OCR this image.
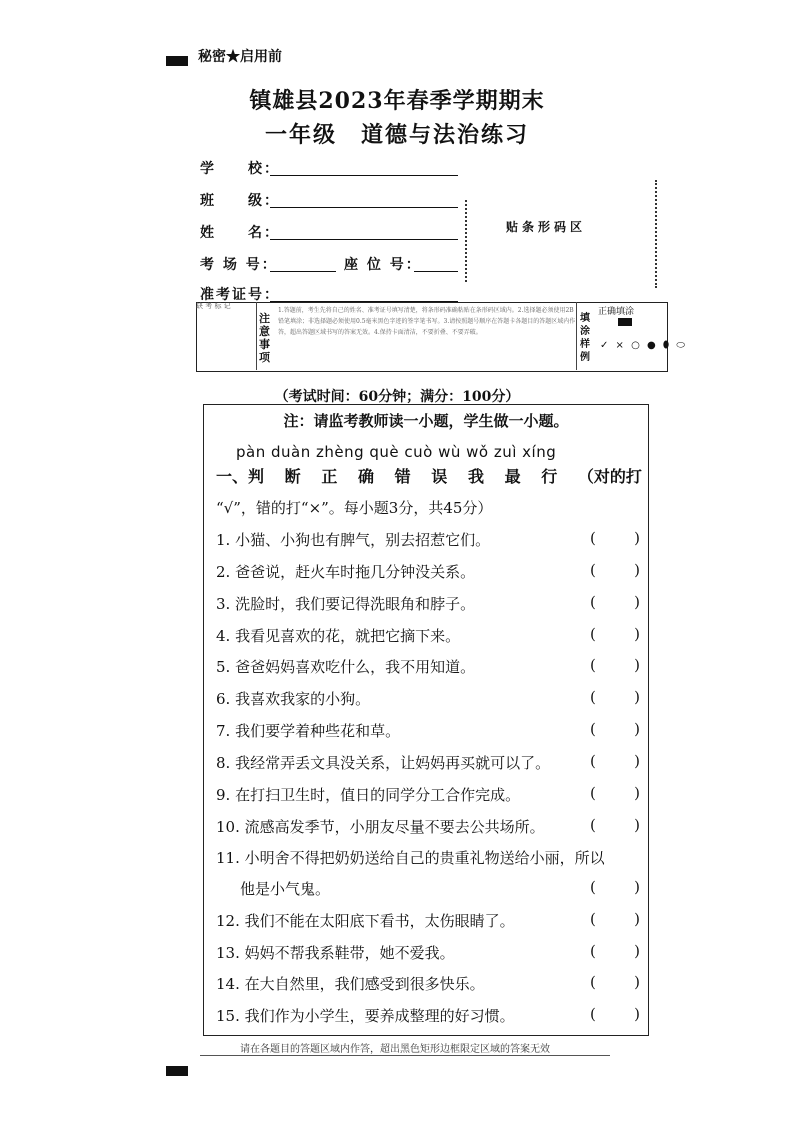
秘密★启用前
镇雄县2023年春季学期期末
一年级　道德与法治练习
学　　校：
班　　级：
姓　　名：
考 场 号：	座 位 号：
准考证号：
贴条形码区
缺 考 标 记
注意事项
1.答题前，考生先将自己的姓名、准考证号填写清楚，将条形码准确粘贴在条形码区域内。2.选择题必须使用2B铅笔填涂；非选择题必须使用0.5毫米黑色字迹的签字笔书写。3.请按照题号顺序在答题卡各题目的答题区域内作答，超出答题区域书写的答案无效。4.保持卡面清洁，不要折叠、不要弄破。
填涂样例
正确填涂
✓ × ○ ● ⬮ ⬭
（考试时间：60分钟；满分：100分）
注：请监考教师读一小题，学生做一小题。
pàn duàn zhèng què cuò wù wǒ zuì xíng
一、判 断 正 确 错 误 我 最 行 （对的打
“√”，错的打“×”。每小题3分，共45分）
1. 小猫、小狗也有脾气，别去招惹它们。	(	)
2. 爸爸说，赶火车时拖几分钟没关系。	(	)
3. 洗脸时，我们要记得洗眼角和脖子。	(	)
4. 我看见喜欢的花，就把它摘下来。	(	)
5. 爸爸妈妈喜欢吃什么，我不用知道。	(	)
6. 我喜欢我家的小狗。	(	)
7. 我们要学着种些花和草。	(	)
8. 我经常弄丢文具没关系，让妈妈再买就可以了。	(	)
9. 在打扫卫生时，值日的同学分工合作完成。	(	)
10. 流感高发季节，小朋友尽量不要去公共场所。	(	)
11. 小明舍不得把奶奶送给自己的贵重礼物送给小丽，所以
他是小气鬼。	(	)
12. 我们不能在太阳底下看书，太伤眼睛了。	(	)
13. 妈妈不帮我系鞋带，她不爱我。	(	)
14. 在大自然里，我们感受到很多快乐。	(	)
15. 我们作为小学生，要养成整理的好习惯。	(	)
请在各题目的答题区域内作答，超出黑色矩形边框限定区域的答案无效
